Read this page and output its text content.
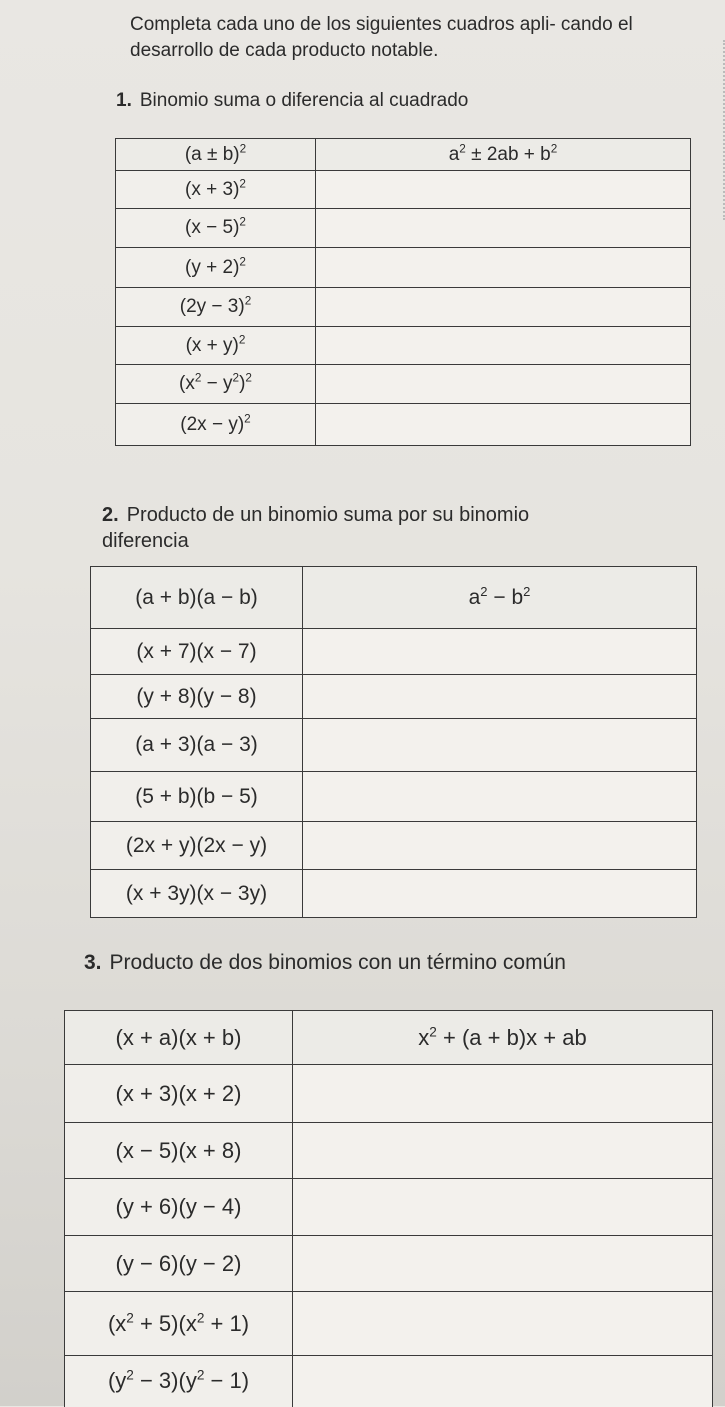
Completa cada uno de los siguientes cuadros apli- cando el desarrollo de cada producto notable.

1. Binomio suma o diferencia al cuadrado

$(a \pm b)^2$	$a^2 \pm 2ab + b^2$
$(x + 3)^2$	
$(x - 5)^2$	
$(y + 2)^2$	
$(2y - 3)^2$	
$(x + y)^2$	
$(x^2 - y^2)^2$	
$(2x - y)^2$	

2. Producto de un binomio suma por su binomio
diferencia

(a + b)(a − b)	$a^2 - b^2$
(x + 7)(x − 7)	
(y + 8)(y − 8)	
(a + 3)(a − 3)	
(5 + b)(b − 5)	
(2x + y)(2x − y)	
(x + 3y)(x − 3y)	

3. Producto de dos binomios con un término común

(x + a)(x + b)	$x^2 + (a + b)x$ + ab
(x + 3)(x + 2)	
(x − 5)(x + 8)	
(y + 6)(y − 4)	
(y − 6)(y − 2)	
$(x^2 + 5)(x^2 + 1)$	
$(y^2 - 3)(y^2 - 1)$	
